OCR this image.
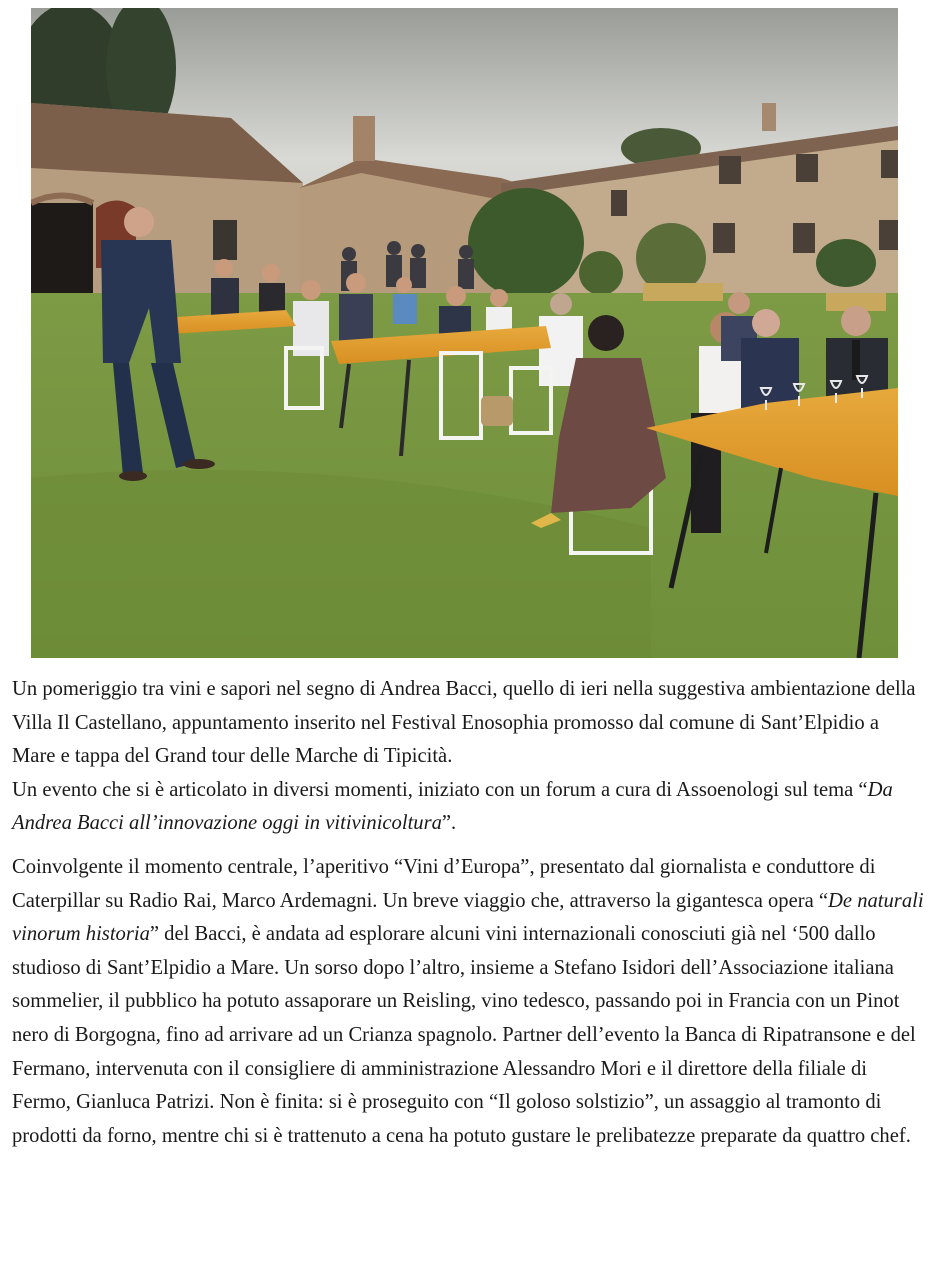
Un pomeriggio tra vini e sapori nel segno di Andrea Bacci, quello di ieri nella suggestiva ambientazione della Villa Il Castellano, appuntamento inserito nel Festival Enosophia promosso dal comune di Sant’Elpidio a Mare e tappa del Grand tour delle Marche di Tipicità.
Un evento che si è articolato in diversi momenti, iniziato con un forum a cura di Assoenologi sul tema “Da Andrea Bacci all’innovazione oggi in vitivinicoltura”.

Coinvolgente il momento centrale, l’aperitivo “Vini d’Europa”, presentato dal giornalista e conduttore di Caterpillar su Radio Rai, Marco Ardemagni. Un breve viaggio che, attraverso la gigantesca opera “De naturali vinorum historia” del Bacci, è andata ad esplorare alcuni vini internazionali conosciuti già nel ‘500 dallo studioso di Sant’Elpidio a Mare. Un sorso dopo l’altro, insieme a Stefano Isidori dell’Associazione italiana sommelier, il pubblico ha potuto assaporare un Reisling, vino tedesco, passando poi in Francia con un Pinot nero di Borgogna, fino ad arrivare ad un Crianza spagnolo. Partner dell’evento la Banca di Ripatransone e del Fermano, intervenuta con il consigliere di amministrazione Alessandro Mori e il direttore della filiale di Fermo, Gianluca Patrizi. Non è finita: si è proseguito con “Il goloso solstizio”, un assaggio al tramonto di prodotti da forno, mentre chi si è trattenuto a cena ha potuto gustare le prelibatezze preparate da quattro chef.
